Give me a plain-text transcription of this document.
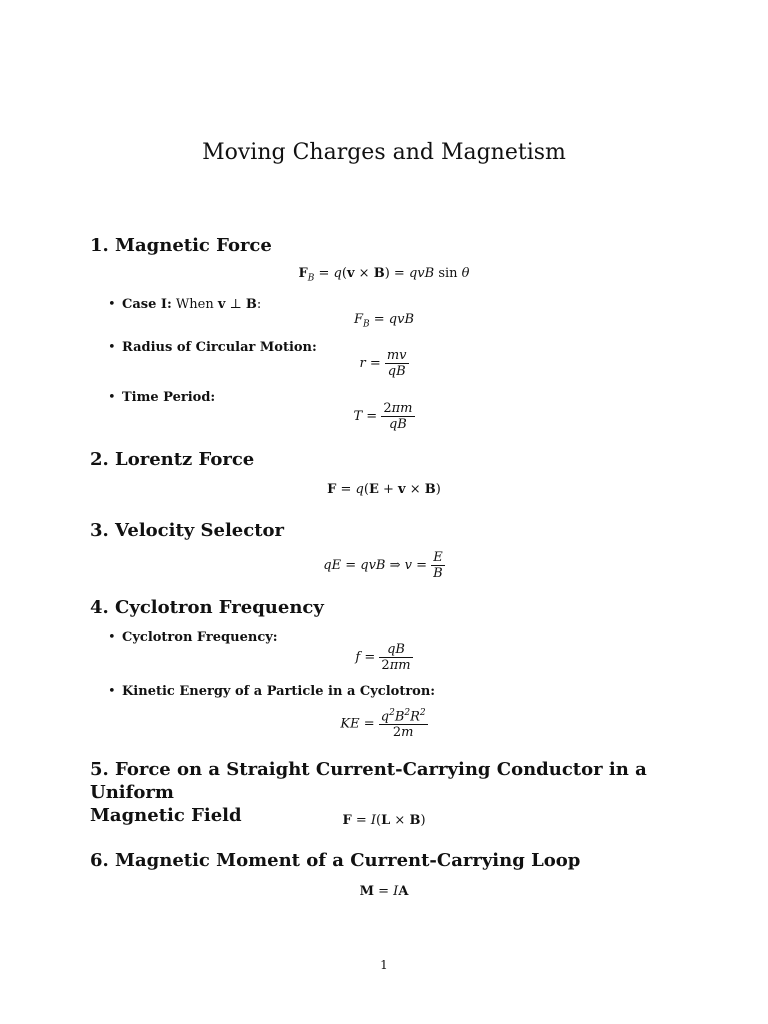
Moving Charges and Magnetism
1. Magnetic Force
$F_B = q(v \times B)$ = qvB sin θ
• Case I: When v ⊥ B:
$F_B$ = qvB
• Radius of Circular Motion:
$r = \frac{mv}{qB}$
• Time Period:
$T = \frac{2\pi m}{qB}$
2. Lorentz Force
F = q(E + v × B)
3. Velocity Selector
qE = qvB ⇒ $v = \frac{E}{B}$
4. Cyclotron Frequency
• Cyclotron Frequency:
$f = \frac{qB}{2\pi m}$
• Kinetic Energy of a Particle in a Cyclotron:
KE = $\frac{q^2B^2R^2}{2m}$
5. Force on a Straight Current-Carrying Conductor in a Uniform
Magnetic Field	F = I(L × B)
6. Magnetic Moment of a Current-Carrying Loop
M = IA
1
